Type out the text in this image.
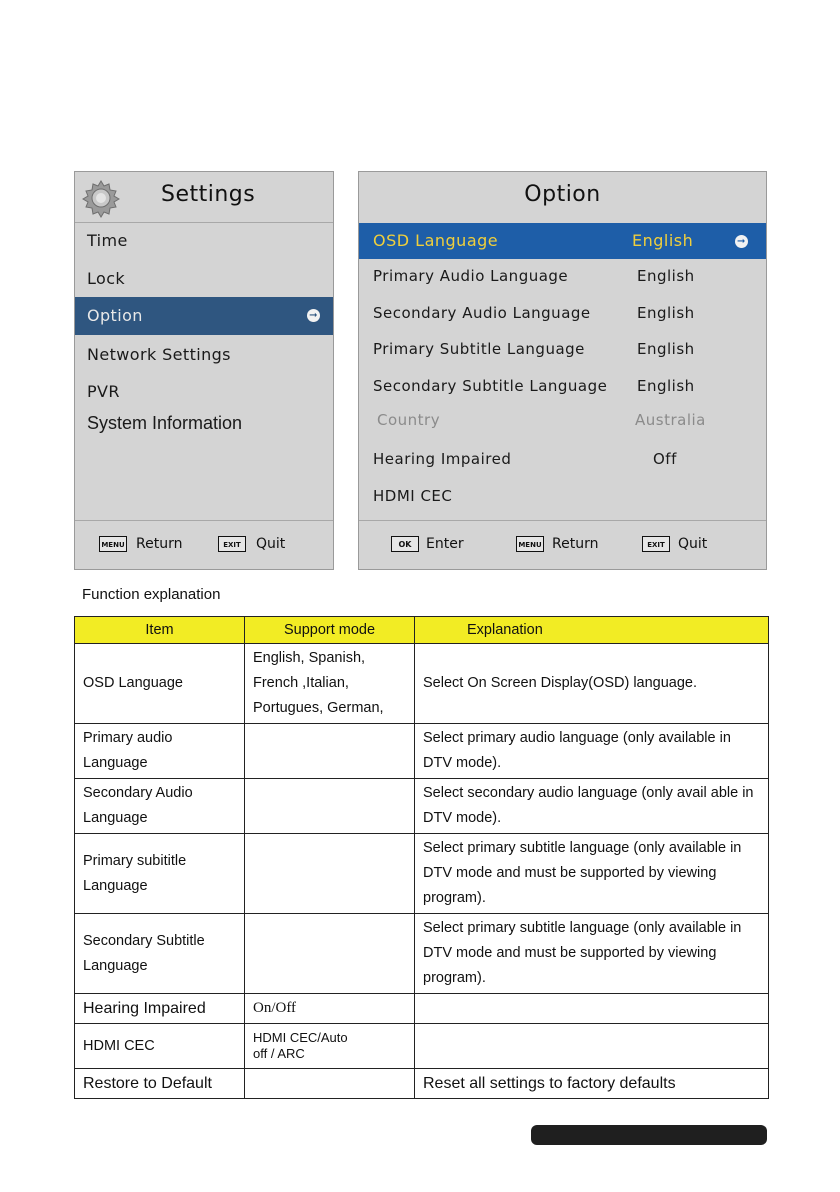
Settings
Time
Lock
Option	➞
Network Settings
PVR
System Information
MENU Return	EXIT	Quit
Option
OSD Language	English	➞
Primary Audio Language	English
Secondary Audio Language	English
Primary Subtitle Language	English
Secondary Subtitle Language English
Country	Australia
Hearing Impaired	Off
HDMI CEC
OK	Enter	MENU Return	EXIT Quit
Function explanation
Item	Support mode	Explanation
OSD Language	English, Spanish,
French ,Italian,
Portugues, German,	Select On Screen Display(OSD) language.
Primary audio Language		Select primary audio language (only available in DTV mode).
Secondary Audio Language		Select secondary audio language (only avail able in DTV mode).
Primary subititle Language		Select primary subtitle language (only available in DTV mode and must be supported by viewing program).
Secondary Subtitle Language		Select primary subtitle language (only available in DTV mode and must be supported by viewing program).
Hearing Impaired	On/Off	
HDMI CEC	HDMI CEC/Auto
off / ARC	

Restore to Default		Reset all settings to factory defaults
